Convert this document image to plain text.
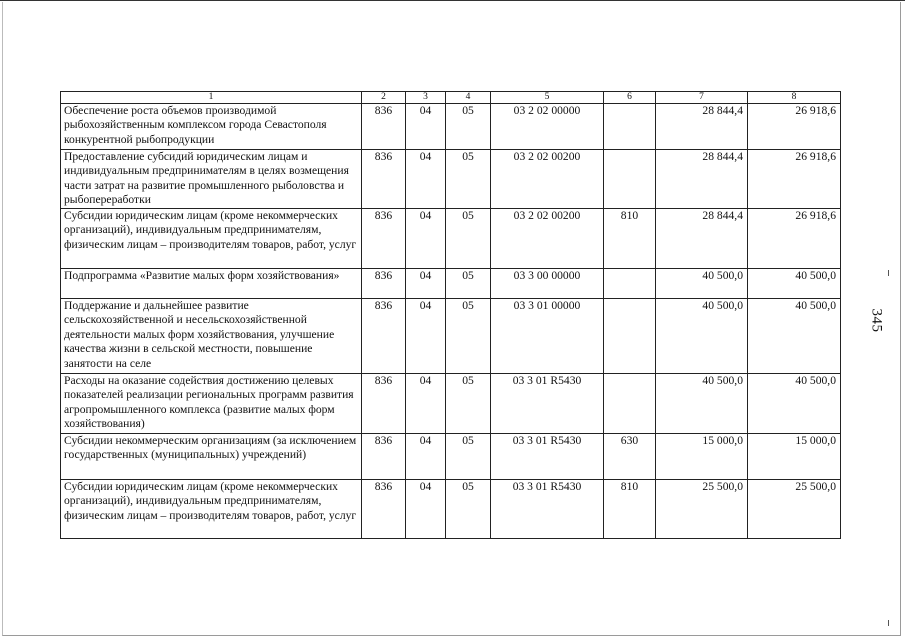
1	2	3	4	5	6	7	8
Обеспечение роста объемов производимой рыбохозяйственным комплексом города Севастополя конкурентной рыбопродукции	836	04	05	03 2 02 00000		28 844,4	26 918,6
Предоставление субсидий юридическим лицам и индивидуальным предпринимателям в целях возмещения части затрат на развитие промышленного рыболовства и рыбопереработки	836	04	05	03 2 02 00200		28 844,4	26 918,6
Субсидии юридическим лицам (кроме некоммерческих организаций), индивидуальным предпринимателям, физическим лицам – производителям товаров, работ, услуг	836	04	05	03 2 02 00200	810	28 844,4	26 918,6
Подпрограмма «Развитие малых форм хозяйствования»	836	04	05	03 3 00 00000		40 500,0	40 500,0
Поддержание и дальнейшее развитие сельскохозяйственной и несельскохозяйственной деятельности малых форм хозяйствования, улучшение качества жизни в сельской местности, повышение занятости на селе	836	04	05	03 3 01 00000		40 500,0	40 500,0
Расходы на оказание содействия достижению целевых показателей реализации региональных программ развития агропромышленного комплекса (развитие малых форм хозяйствования)	836	04	05	03 3 01 R5430		40 500,0	40 500,0
Субсидии некоммерческим организациям (за исключением государственных (муниципальных) учреждений)	836	04	05	03 3 01 R5430	630	15 000,0	15 000,0
Субсидии юридическим лицам (кроме некоммерческих организаций), индивидуальным предпринимателям, физическим лицам – производителям товаров, работ, услуг	836	04	05	03 3 01 R5430	810	25 500,0	25 500,0
345
